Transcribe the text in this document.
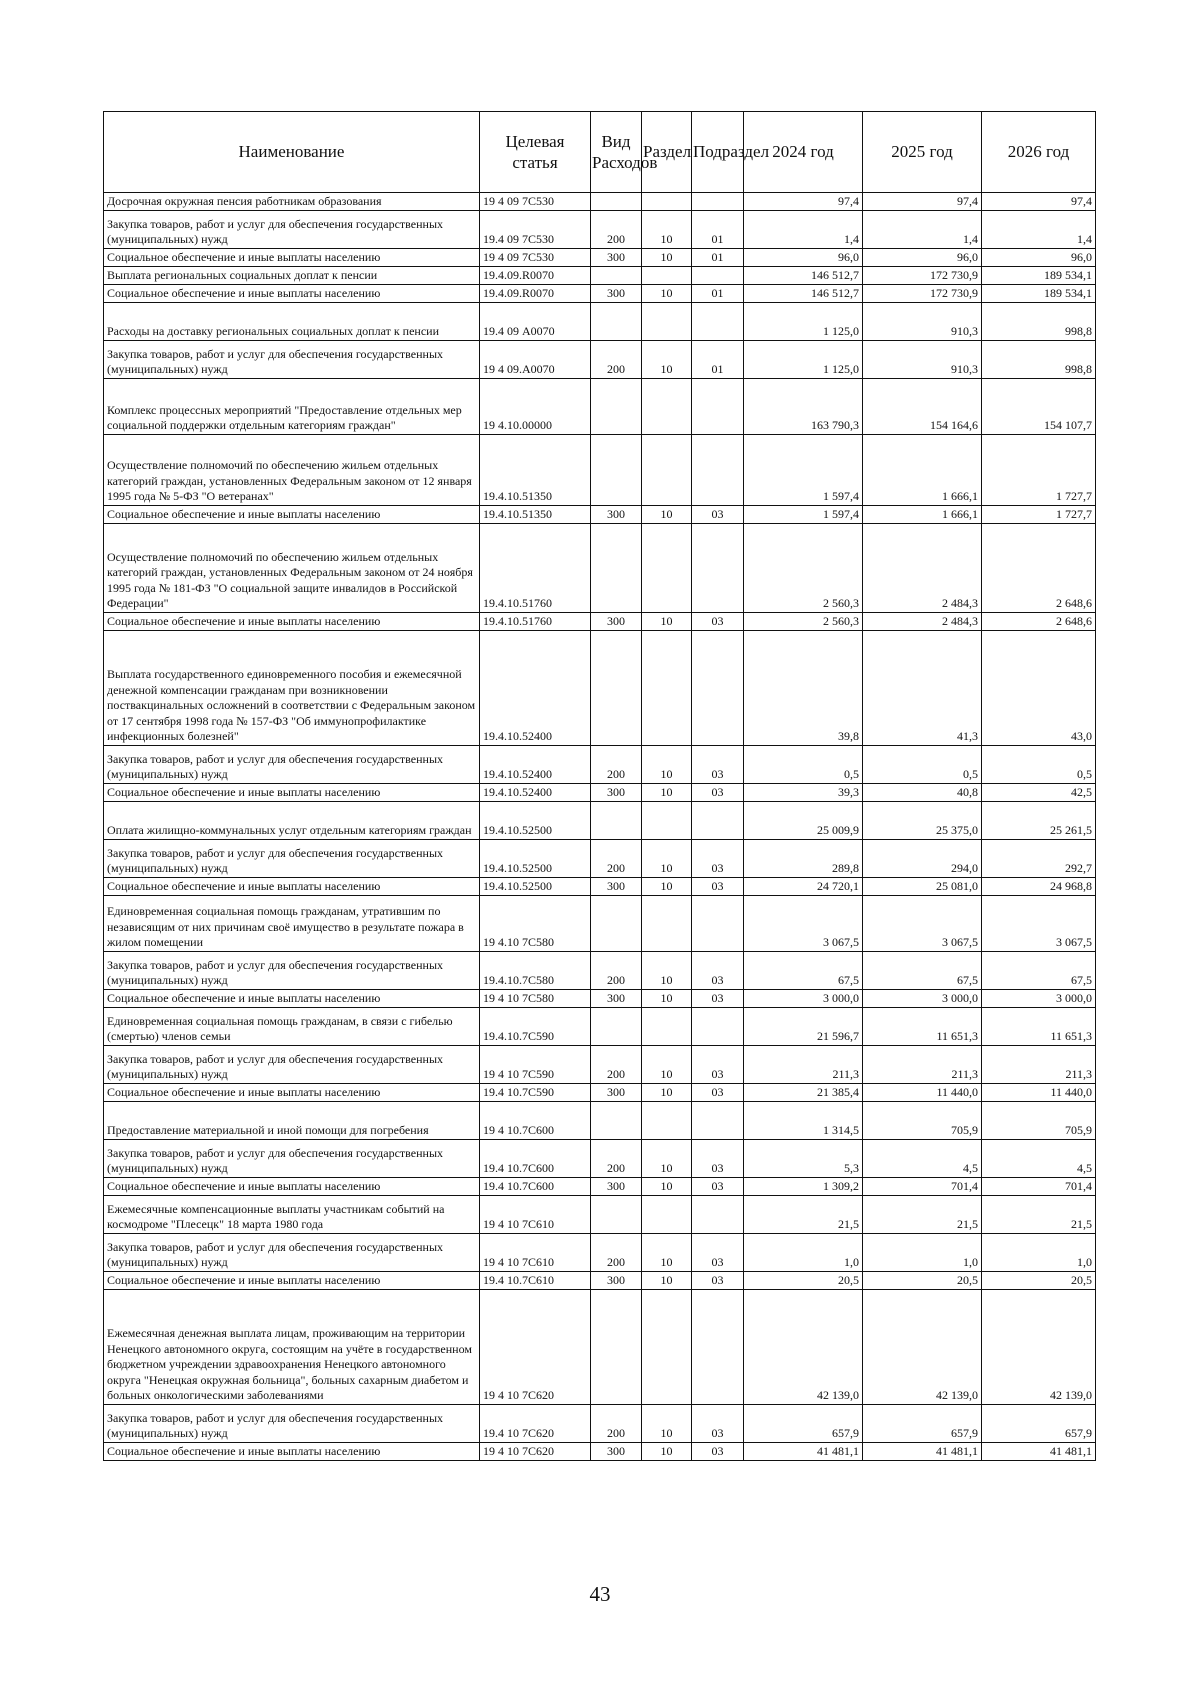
Наименование	Целевая статья	Вид Расходов	Раздел	Подраздел	2024 год	2025 год	2026 год
Досрочная окружная пенсия работникам образования	19 4 09 7С530				97,4	97,4	97,4
Закупка товаров, работ и услуг для обеспечения государственных (муниципальных) нужд	19.4 09 7С530	200	10	01	1,4	1,4	1,4
Социальное обеспечение и иные выплаты населению	19 4 09 7С530	300	10	01	96,0	96,0	96,0
Выплата региональных социальных доплат к пенсии	19.4.09.R0070				146 512,7	172 730,9	189 534,1
Социальное обеспечение и иные выплаты населению	19.4.09.R0070	300	10	01	146 512,7	172 730,9	189 534,1
Расходы на доставку региональных социальных доплат к пенсии	19.4 09 А0070				1 125,0	910,3	998,8
Закупка товаров, работ и услуг для обеспечения государственных (муниципальных) нужд	19 4 09.А0070	200	10	01	1 125,0	910,3	998,8
Комплекс процессных мероприятий "Предоставление отдельных мер социальной поддержки отдельным категориям граждан"	19 4.10.00000				163 790,3	154 164,6	154 107,7
Осуществление полномочий по обеспечению жильем отдельных категорий граждан, установленных Федеральным законом от 12 января 1995 года № 5-ФЗ "О ветеранах"	19.4.10.51350				1 597,4	1 666,1	1 727,7
Социальное обеспечение и иные выплаты населению	19.4.10.51350	300	10	03	1 597,4	1 666,1	1 727,7
Осуществление полномочий по обеспечению жильем отдельных категорий граждан, установленных Федеральным законом от 24 ноября 1995 года № 181-ФЗ "О социальной защите инвалидов в Российской Федерации"	19.4.10.51760				2 560,3	2 484,3	2 648,6
Социальное обеспечение и иные выплаты населению	19.4.10.51760	300	10	03	2 560,3	2 484,3	2 648,6
Выплата государственного единовременного пособия и ежемесячной денежной компенсации гражданам при возникновении поствакцинальных осложнений в соответствии с Федеральным законом от 17 сентября 1998 года № 157-ФЗ "Об иммунопрофилактике инфекционных болезней"	19.4.10.52400				39,8	41,3	43,0
Закупка товаров, работ и услуг для обеспечения государственных (муниципальных) нужд	19.4.10.52400	200	10	03	0,5	0,5	0,5
Социальное обеспечение и иные выплаты населению	19.4.10.52400	300	10	03	39,3	40,8	42,5
Оплата жилищно-коммунальных услуг отдельным категориям граждан	19.4.10.52500				25 009,9	25 375,0	25 261,5
Закупка товаров, работ и услуг для обеспечения государственных (муниципальных) нужд	19.4.10.52500	200	10	03	289,8	294,0	292,7
Социальное обеспечение и иные выплаты населению	19.4.10.52500	300	10	03	24 720,1	25 081,0	24 968,8
Единовременная социальная помощь гражданам, утратившим по независящим от них причинам своё имущество в результате пожара в жилом помещении	19 4.10 7С580				3 067,5	3 067,5	3 067,5
Закупка товаров, работ и услуг для обеспечения государственных (муниципальных) нужд	19.4.10.7С580	200	10	03	67,5	67,5	67,5
Социальное обеспечение и иные выплаты населению	19 4 10 7С580	300	10	03	3 000,0	3 000,0	3 000,0
Единовременная социальная помощь гражданам, в связи с гибелью (смертью) членов семьи	19.4.10.7С590				21 596,7	11 651,3	11 651,3
Закупка товаров, работ и услуг для обеспечения государственных (муниципальных) нужд	19 4 10 7С590	200	10	03	211,3	211,3	211,3
Социальное обеспечение и иные выплаты населению	19.4 10.7С590	300	10	03	21 385,4	11 440,0	11 440,0
Предоставление материальной и иной помощи для погребения	19 4 10.7С600				1 314,5	705,9	705,9
Закупка товаров, работ и услуг для обеспечения государственных (муниципальных) нужд	19.4 10.7С600	200	10	03	5,3	4,5	4,5
Социальное обеспечение и иные выплаты населению	19.4 10.7С600	300	10	03	1 309,2	701,4	701,4
Ежемесячные компенсационные выплаты участникам событий на космодроме "Плесецк" 18 марта 1980 года	19 4 10 7С610				21,5	21,5	21,5
Закупка товаров, работ и услуг для обеспечения государственных (муниципальных) нужд	19 4 10 7С610	200	10	03	1,0	1,0	1,0
Социальное обеспечение и иные выплаты населению	19.4 10.7С610	300	10	03	20,5	20,5	20,5
Ежемесячная денежная выплата лицам, проживающим на территории Ненецкого автономного округа, состоящим на учёте в государственном бюджетном учреждении здравоохранения Ненецкого автономного округа "Ненецкая окружная больница", больных сахарным диабетом и больных онкологическими заболеваниями	19 4 10 7С620				42 139,0	42 139,0	42 139,0
Закупка товаров, работ и услуг для обеспечения государственных (муниципальных) нужд	19.4 10 7С620	200	10	03	657,9	657,9	657,9
Социальное обеспечение и иные выплаты населению	19 4 10 7С620	300	10	03	41 481,1	41 481,1	41 481,1
43
